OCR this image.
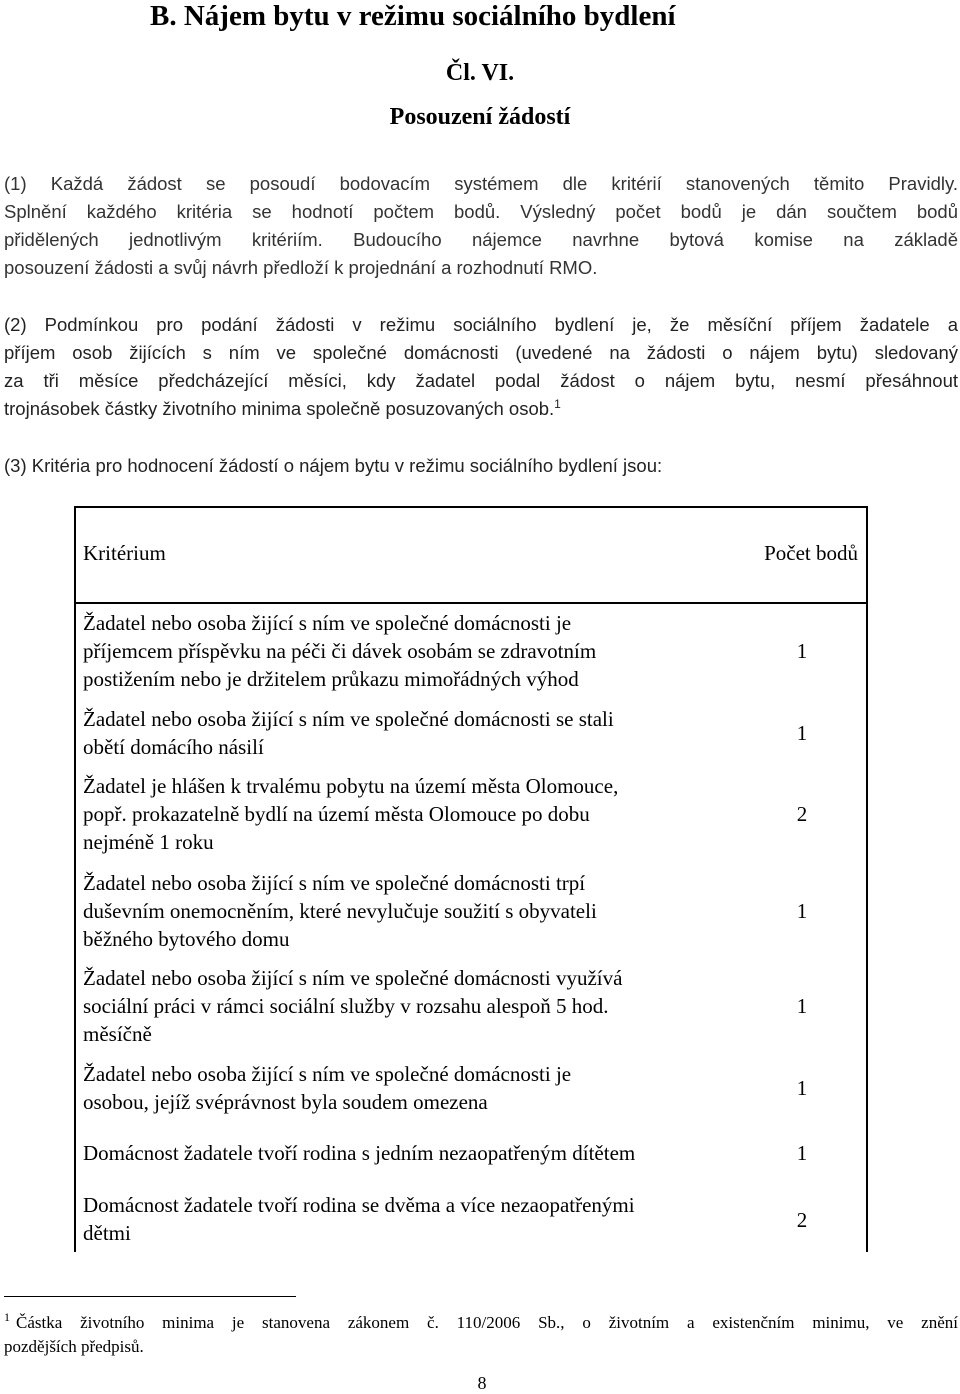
B. Nájem bytu v režimu sociálního bydlení
Čl. VI.
Posouzení žádostí

(1) Každá žádost se posoudí bodovacím systémem dle kritérií stanovených těmito Pravidly.
Splnění každého kritéria se hodnotí počtem bodů. Výsledný počet bodů je dán součtem bodů
přidělených jednotlivým kritériím. Budoucího nájemce navrhne bytová komise na základě
posouzení žádosti a svůj návrh předloží k projednání a rozhodnutí RMO.

(2) Podmínkou pro podání žádosti v režimu sociálního bydlení je, že měsíční příjem žadatele a
příjem osob žijících s ním ve společné domácnosti (uvedené na žádosti o nájem bytu) sledovaný
za tři měsíce předcházející měsíci, kdy žadatel podal žádost o nájem bytu, nesmí přesáhnout
trojnásobek částky životního minima společně posuzovaných osob.$^1$

(3) Kritéria pro hodnocení žádostí o nájem bytu v režimu sociálního bydlení jsou:

Kritérium	Počet bodů
Žadatel nebo osoba žijící s ním ve společné domácnosti je
příjemcem příspěvku na péči či dávek osobám se zdravotním
postižením nebo je držitelem průkazu mimořádných výhod
1
Žadatel nebo osoba žijící s ním ve společné domácnosti se stali
obětí domácího násilí
1
Žadatel je hlášen k trvalému pobytu na území města Olomouce,
popř. prokazatelně bydlí na území města Olomouce po dobu
nejméně 1 roku
2
Žadatel nebo osoba žijící s ním ve společné domácnosti trpí
duševním onemocněním, které nevylučuje soužití s obyvateli
běžného bytového domu
1
Žadatel nebo osoba žijící s ním ve společné domácnosti využívá
sociální práci v rámci sociální služby v rozsahu alespoň 5 hod.
měsíčně
1
Žadatel nebo osoba žijící s ním ve společné domácnosti je
osobou, jejíž svéprávnost byla soudem omezena
1
Domácnost žadatele tvoří rodina s jedním nezaopatřeným dítětem	1
Domácnost žadatele tvoří rodina se dvěma a více nezaopatřenými
dětmi
2

$^1$ Částka životního minima je stanovena zákonem č. 110/2006 Sb., o životním a existenčním minimu, ve znění
pozdějších předpisů.

8
